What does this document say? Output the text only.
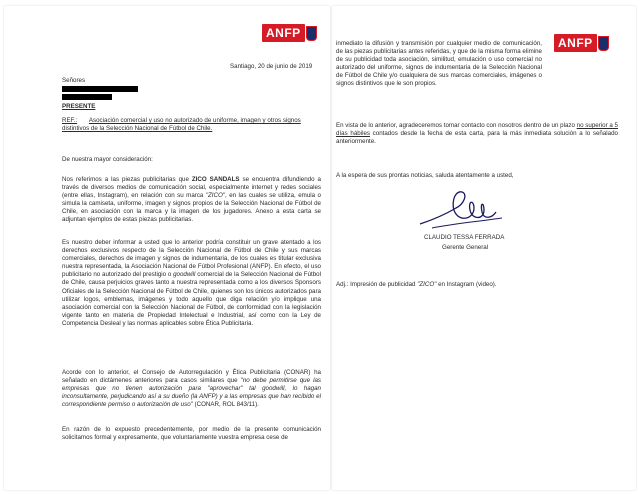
ANFP

Santiago, 20 de junio de 2019

Señores

PRESENTE

REF.: Asociación comercial y uso no autorizado de uniforme, imagen y otros signos distintivos de la Selección Nacional de Fútbol de Chile.

De nuestra mayor consideración:

Nos referimos a las piezas publicitarias que ZICO SANDALS se encuentra difundiendo a través de diversos medios de comunicación social, especialmente internet y redes sociales (entre ellas, Instagram), en relación con su marca "ZICO", en las cuales se utiliza, emula o simula la camiseta, uniforme, imagen y signos propios de la Selección Nacional de Fútbol de Chile, en asociación con la marca y la imagen de los jugadores. Anexo a esta carta se adjuntan ejemplos de estas piezas publicitarias.
Es nuestro deber informar a usted que lo anterior podría constituir un grave atentado a los derechos exclusivos respecto de la Selección Nacional de Fútbol de Chile y sus marcas comerciales, derechos de imagen y signos de indumentaria, de los cuales es titular exclusiva nuestra representada, la Asociación Nacional de Fútbol Profesional (ANFP). En efecto, el uso publicitario no autorizado del prestigio o goodwill comercial de la Selección Nacional de Fútbol de Chile, causa perjuicios graves tanto a nuestra representada como a los diversos Sponsors Oficiales de la Selección Nacional de Fútbol de Chile, quienes son los únicos autorizados para utilizar logos, emblemas, imágenes y todo aquello que diga relación y/o implique una asociación comercial con la Selección Nacional de Fútbol, de conformidad con la legislación vigente tanto en materia de Propiedad Intelectual e Industrial, así como con la Ley de Competencia Desleal y las normas aplicables sobre Ética Publicitaria.
Acorde con lo anterior, el Consejo de Autorregulación y Ética Publicitaria (CONAR) ha señalado en dictámenes anteriores para casos similares que "no debe permitirse que las empresas que no tienen autorización para "aprovechar" tal goodwill, lo hagan inconsultamente, perjudicando así a su dueño (la ANFP) y a las empresas que han recibido el correspondiente permiso o autorización de uso" (CONAR, ROL 843/11).

En razón de lo expuesto precedentemente, por medio de la presente comunicación solicitamos formal y expresamente, que voluntariamente vuestra empresa cese de

ANFP

inmediato la difusión y transmisión por cualquier medio de comunicación, de las piezas publicitarias antes referidas, y que de la misma forma elimine de su publicidad toda asociación, similitud, emulación o uso comercial no autorizado del uniforme, signos de indumentaria de la Selección Nacional de Fútbol de Chile y/o cualquiera de sus marcas comerciales, imágenes o signos distintivos que le son propios.

En vista de lo anterior, agradeceremos tomar contacto con nosotros dentro de un plazo no superior a 5 días hábiles contados desde la fecha de esta carta, para la más inmediata solución a lo señalado anteriormente.

A la espera de sus prontas noticias, saluda atentamente a usted,

CLAUDIO TESSA FERRADA

Gerente General

Adj.: Impresión de publicidad "ZICO" en Instagram (video).
